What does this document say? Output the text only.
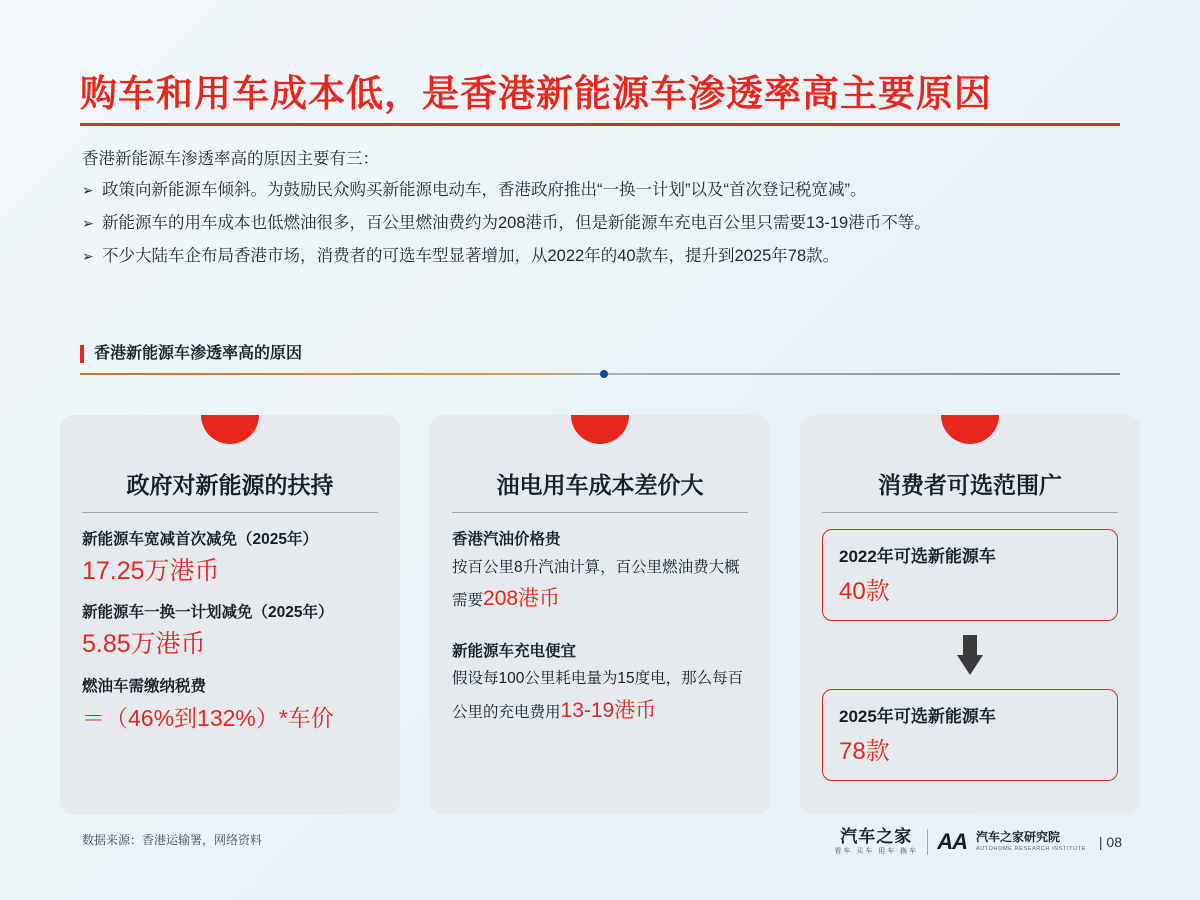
购车和用车成本低，是香港新能源车渗透率高主要原因
香港新能源车渗透率高的原因主要有三：
➢ 政策向新能源车倾斜。为鼓励民众购买新能源电动车，香港政府推出“一换一计划”以及“首次登记税宽减”。
➢ 新能源车的用车成本也低燃油很多，百公里燃油费约为208港币，但是新能源车充电百公里只需要13-19港币不等。
➢ 不少大陆车企布局香港市场，消费者的可选车型显著增加，从2022年的40款车，提升到2025年78款。
香港新能源车渗透率高的原因
政府对新能源的扶持
新能源车宽减首次减免（2025年）
17.25万港币
新能源车一换一计划减免（2025年）
5.85万港币
燃油车需缴纳税费
＝（46%到132%）*车价
油电用车成本差价大
香港汽油价格贵
按百公里8升汽油计算，百公里燃油费大概需要208港币
新能源车充电便宜
假设每100公里耗电量为15度电，那么每百公里的充电费用13-19港币
消费者可选范围广
2022年可选新能源车
40款
2025年可选新能源车
78款
数据来源：香港运输署，网络资料	汽车之家
看车 买车 用车 换车 AA 汽车之家研究院
AUTOHOME RESEARCH INSTITUTE | 08
